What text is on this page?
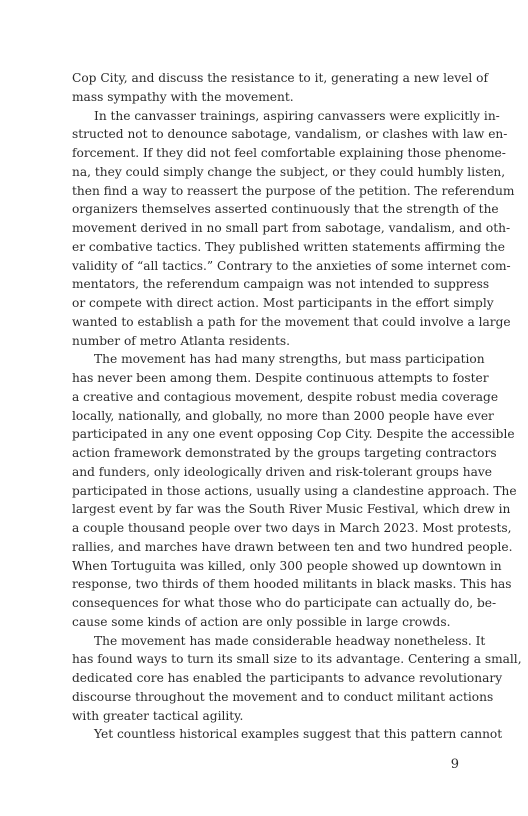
Cop City, and discuss the resistance to it, generating a new level of
mass sympathy with the movement.
In the canvasser trainings, aspiring canvassers were explicitly in-
structed not to denounce sabotage, vandalism, or clashes with law en-
forcement. If they did not feel comfortable explaining those phenome-
na, they could simply change the subject, or they could humbly listen,
then find a way to reassert the purpose of the petition. The referendum
organizers themselves asserted continuously that the strength of the
movement derived in no small part from sabotage, vandalism, and oth-
er combative tactics. They published written statements affirming the
validity of “all tactics.” Contrary to the anxieties of some internet com-
mentators, the referendum campaign was not intended to suppress
or compete with direct action. Most participants in the effort simply
wanted to establish a path for the movement that could involve a large
number of metro Atlanta residents.
The movement has had many strengths, but mass participation
has never been among them. Despite continuous attempts to foster
a creative and contagious movement, despite robust media coverage
locally, nationally, and globally, no more than 2000 people have ever
participated in any one event opposing Cop City. Despite the accessible
action framework demonstrated by the groups targeting contractors
and funders, only ideologically driven and risk-tolerant groups have
participated in those actions, usually using a clandestine approach. The
largest event by far was the South River Music Festival, which drew in
a couple thousand people over two days in March 2023. Most protests,
rallies, and marches have drawn between ten and two hundred people.
When Tortuguita was killed, only 300 people showed up downtown in
response, two thirds of them hooded militants in black masks. This has
consequences for what those who do participate can actually do, be-
cause some kinds of action are only possible in large crowds.
The movement has made considerable headway nonetheless. It
has found ways to turn its small size to its advantage. Centering a small,
dedicated core has enabled the participants to advance revolutionary
discourse throughout the movement and to conduct militant actions
with greater tactical agility.
Yet countless historical examples suggest that this pattern cannot
9
